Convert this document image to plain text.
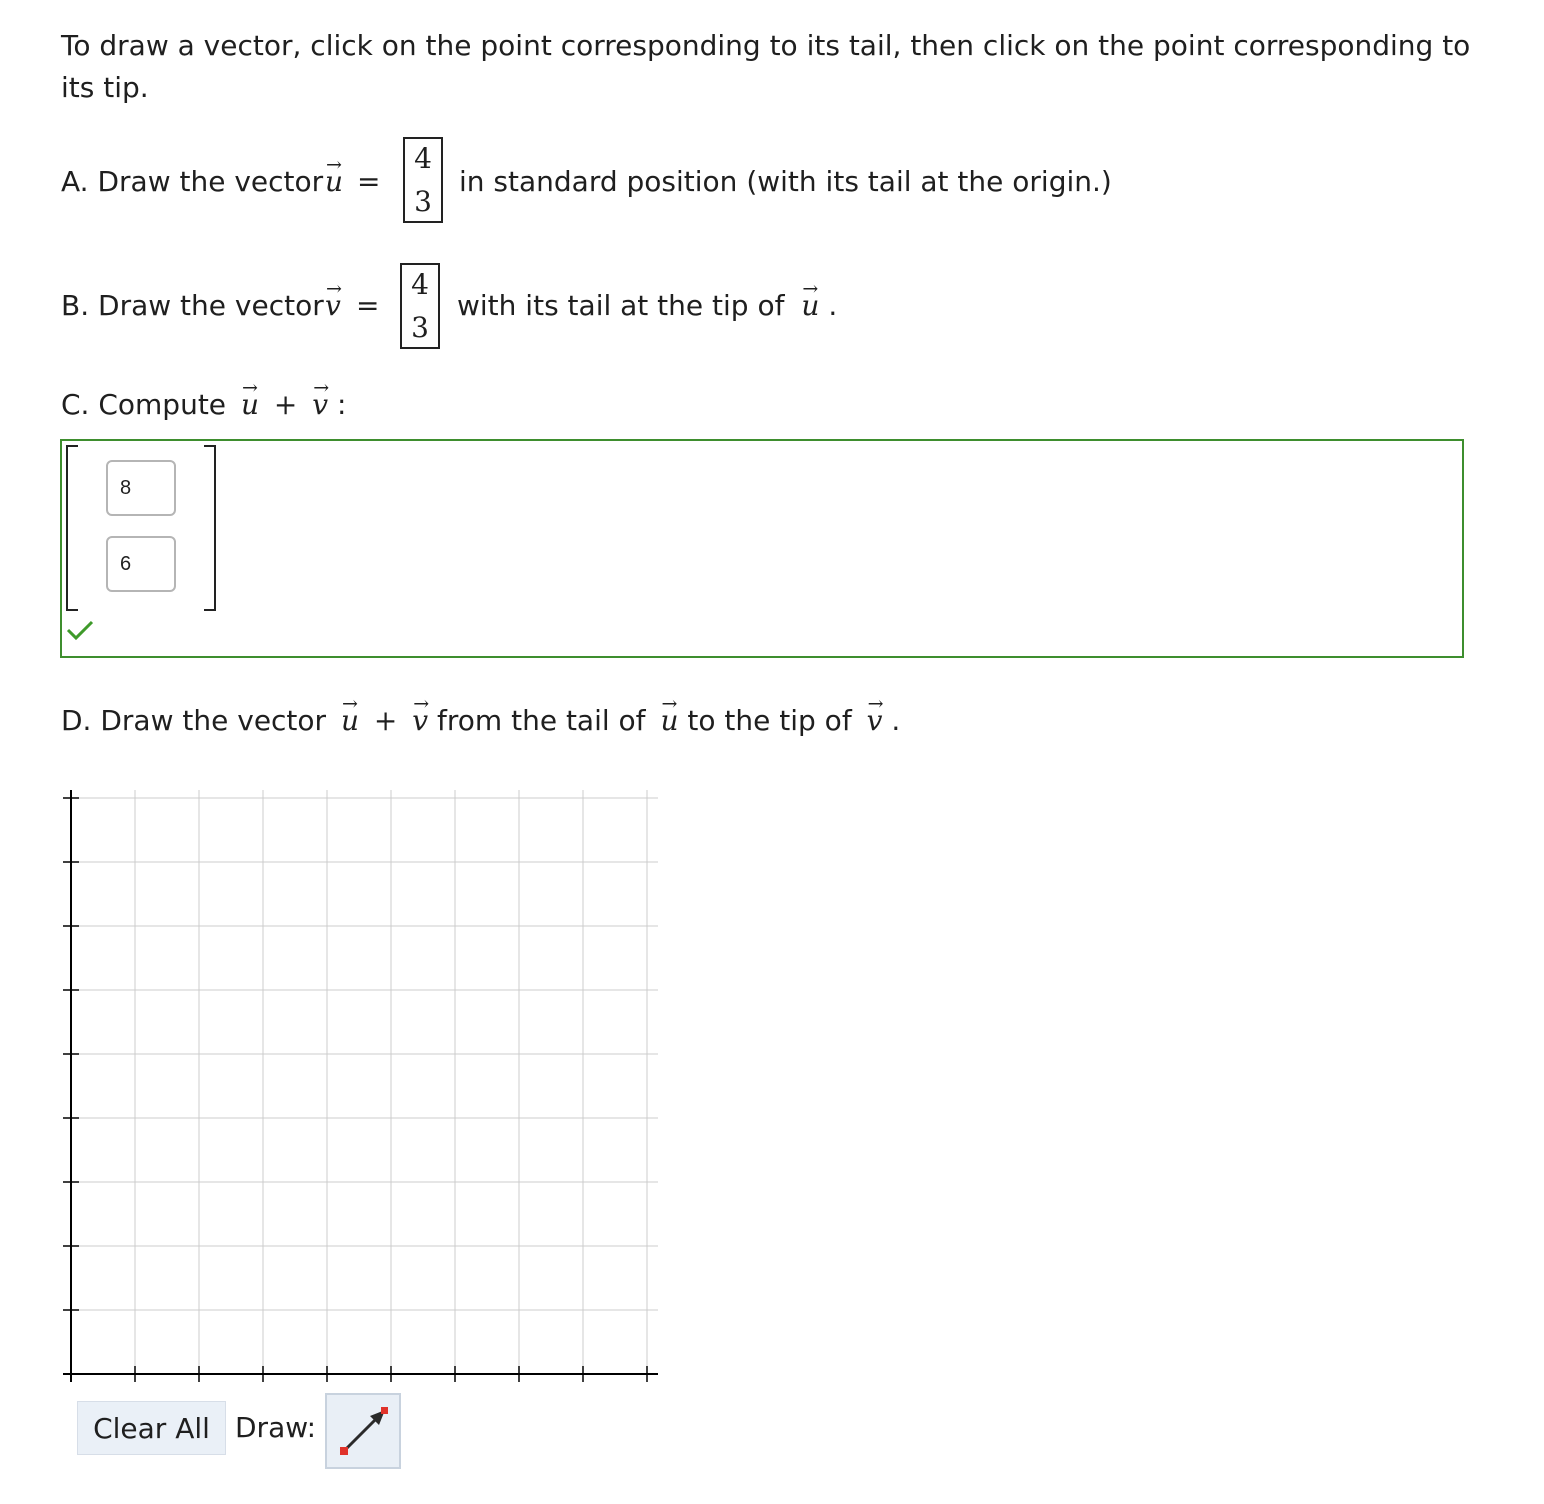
To draw a vector, click on the point corresponding to its tail, then click on the point corresponding to its tip.
A. Draw the vector → u =
4
3
in standard position (with its tail at the origin.)
B. Draw the vector → v =
4
3
with its tail at the tip of → u .
C. Compute → u + → v :
8
6
D. Draw the vector → u + → v from the tail of → u to the tip of → v .
Clear All Draw:
